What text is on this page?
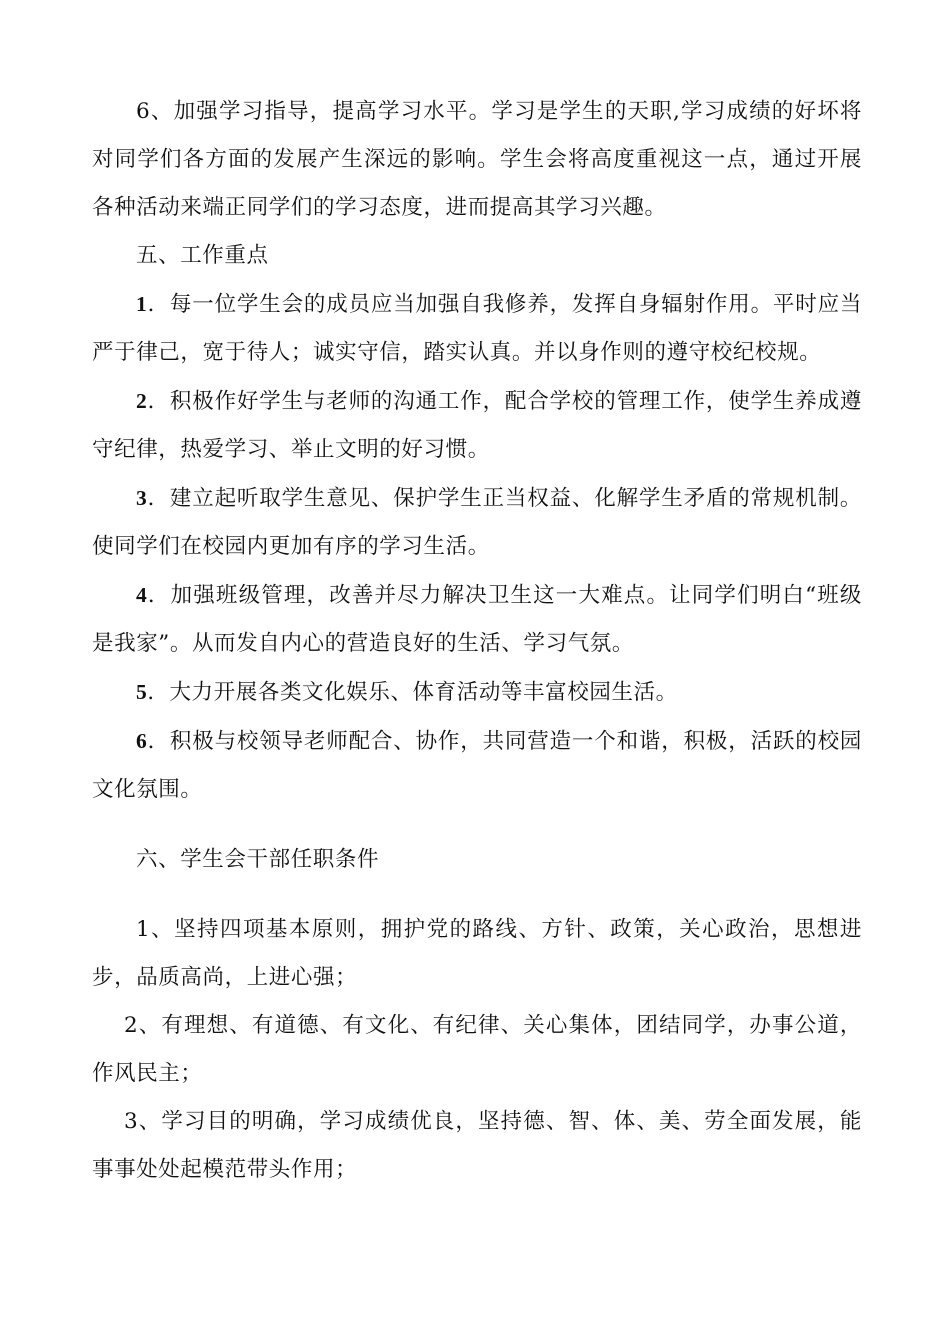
6、加强学习指导，提高学习水平。学习是学生的天职,学习成绩的好坏将对同学们各方面的发展产生深远的影响。学生会将高度重视这一点，通过开展各种活动来端正同学们的学习态度，进而提高其学习兴趣。

五、工作重点

1．每一位学生会的成员应当加强自我修养，发挥自身辐射作用。平时应当严于律己，宽于待人；诚实守信，踏实认真。并以身作则的遵守校纪校规。

2．积极作好学生与老师的沟通工作，配合学校的管理工作，使学生养成遵守纪律，热爱学习、举止文明的好习惯。

3．建立起听取学生意见、保护学生正当权益、化解学生矛盾的常规机制。使同学们在校园内更加有序的学习生活。

4．加强班级管理，改善并尽力解决卫生这一大难点。让同学们明白“班级是我家”。从而发自内心的营造良好的生活、学习气氛。

5．大力开展各类文化娱乐、体育活动等丰富校园生活。

6．积极与校领导老师配合、协作，共同营造一个和谐，积极，活跃的校园文化氛围。

六、学生会干部任职条件

1、坚持四项基本原则，拥护党的路线、方针、政策，关心政治，思想进步，品质高尚，上进心强；

2、有理想、有道德、有文化、有纪律、关心集体，团结同学，办事公道，作风民主；

3、学习目的明确，学习成绩优良，坚持德、智、体、美、劳全面发展，能事事处处起模范带头作用；
